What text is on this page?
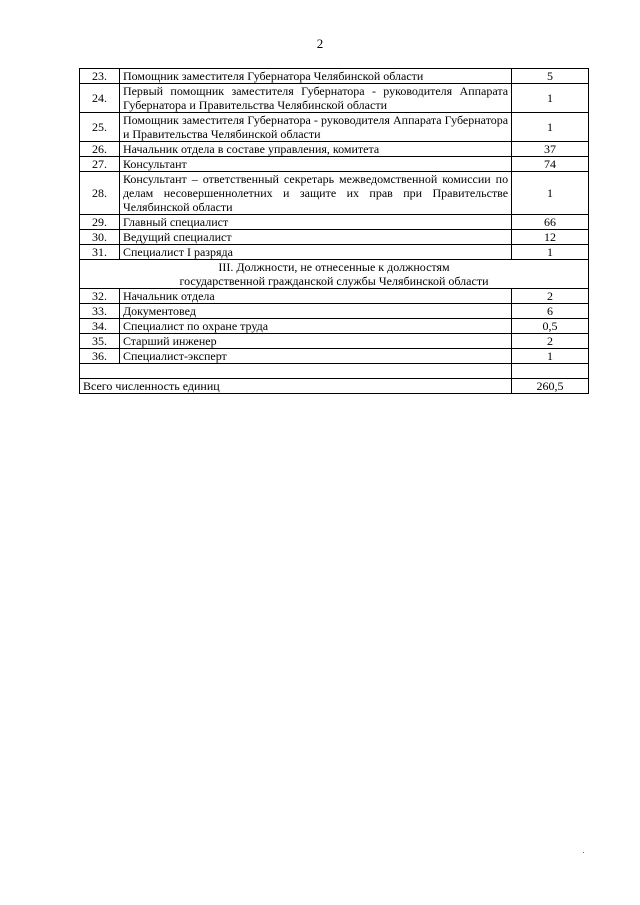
2
23.	Помощник заместителя Губернатора Челябинской области	5
24.	Первый помощник заместителя Губернатора - руководителя Аппарата Губернатора и Правительства Челябинской области	1
25.	Помощник заместителя Губернатора - руководителя Аппарата Губернатора и Правительства Челябинской области	1
26.	Начальник отдела в составе управления, комитета	37
27.	Консультант	74
28.	Консультант – ответственный секретарь межведомственной комиссии по делам несовершеннолетних и защите их прав при Правительстве Челябинской области	1
29.	Главный специалист	66
30.	Ведущий специалист	12
31.	Специалист I разряда	1

III. Должности, не отнесенные к должностям
государственной гражданской службы Челябинской области		

32.	Начальник отдела	2
33.	Документовед	6
34.	Специалист по охране труда	0,5
35.	Старший инженер	2
36.	Специалист-эксперт	1

Всего численность единиц		260,5
